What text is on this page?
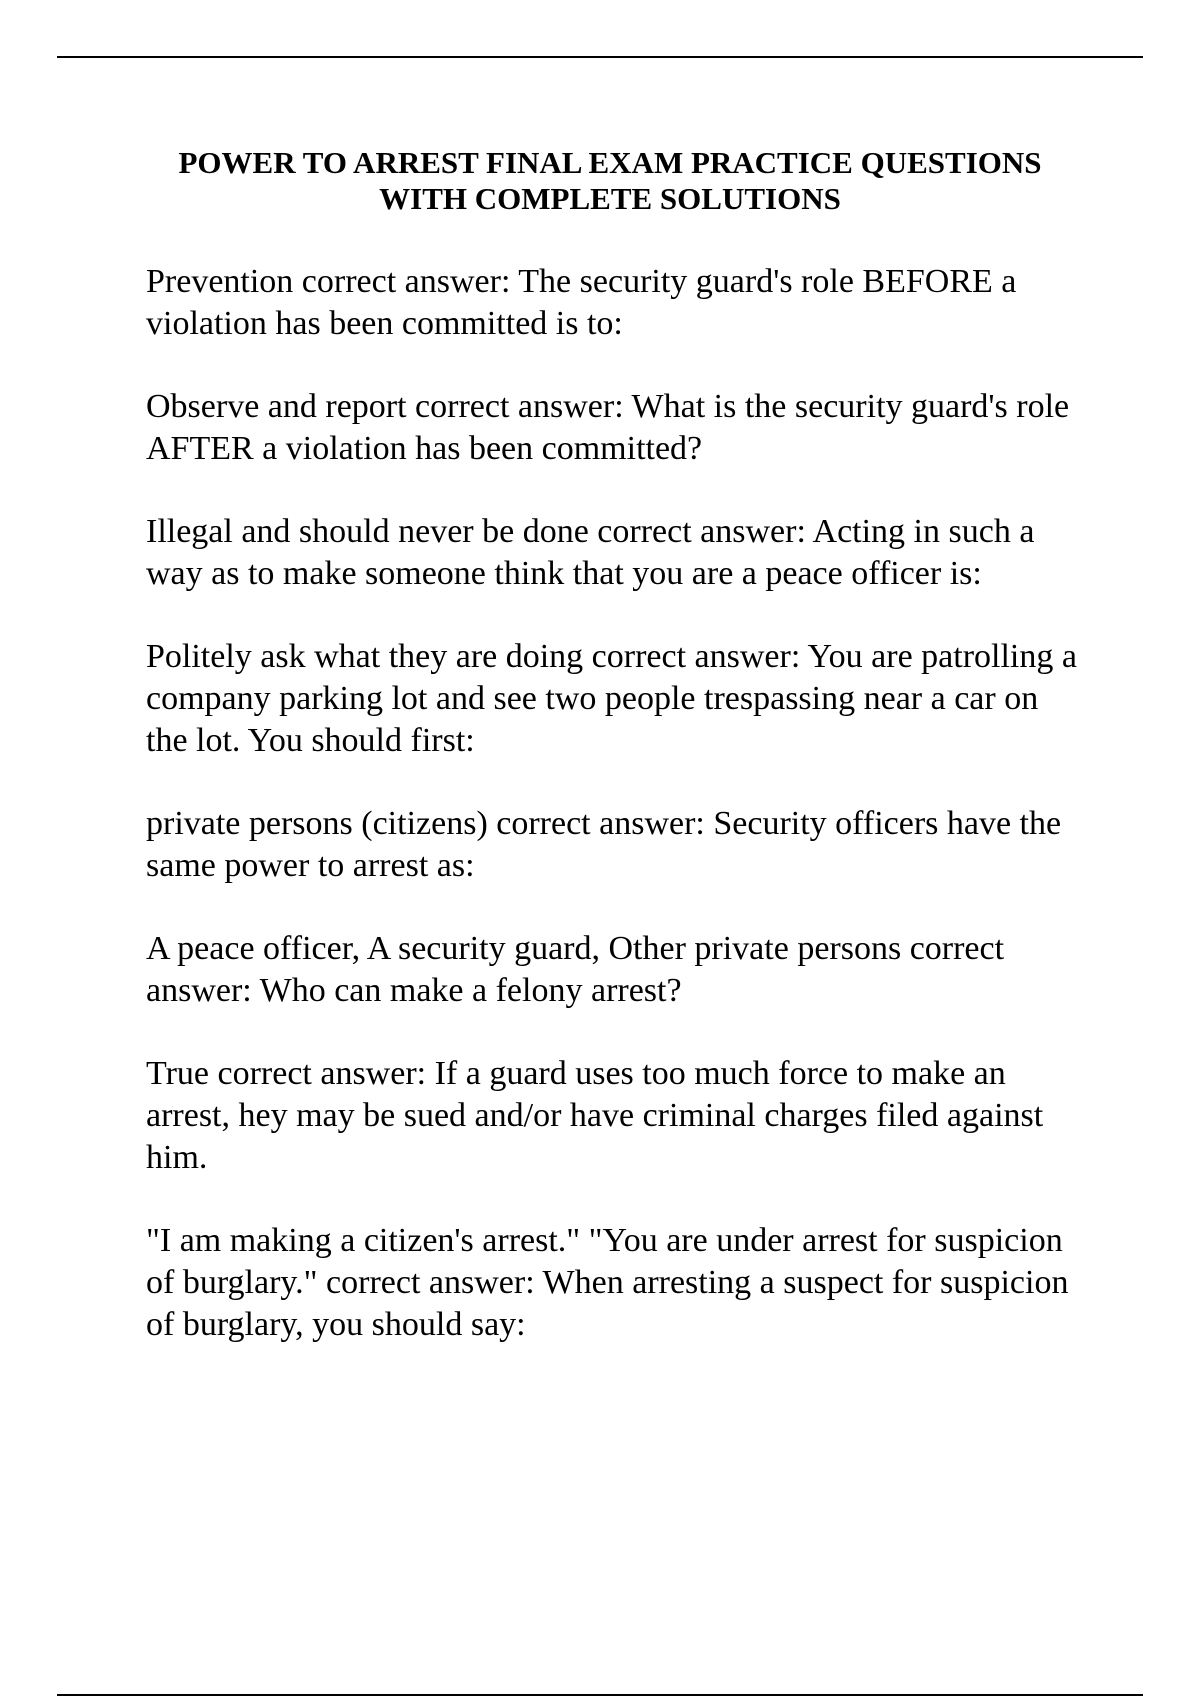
POWER TO ARREST FINAL EXAM PRACTICE QUESTIONS
WITH COMPLETE SOLUTIONS
Prevention correct answer: The security guard's role BEFORE a violation has been committed is to:
Observe and report correct answer: What is the security guard's role AFTER a violation has been committed?
Illegal and should never be done correct answer: Acting in such a way as to make someone think that you are a peace officer is:
Politely ask what they are doing correct answer: You are patrolling a company parking lot and see two people trespassing near a car on the lot. You should first:
private persons (citizens) correct answer: Security officers have the same power to arrest as:
A peace officer, A security guard, Other private persons correct answer: Who can make a felony arrest?
True correct answer: If a guard uses too much force to make an arrest, hey may be sued and/or have criminal charges filed against him.
"I am making a citizen's arrest." "You are under arrest for suspicion of burglary." correct answer: When arresting a suspect for suspicion of burglary, you should say:
